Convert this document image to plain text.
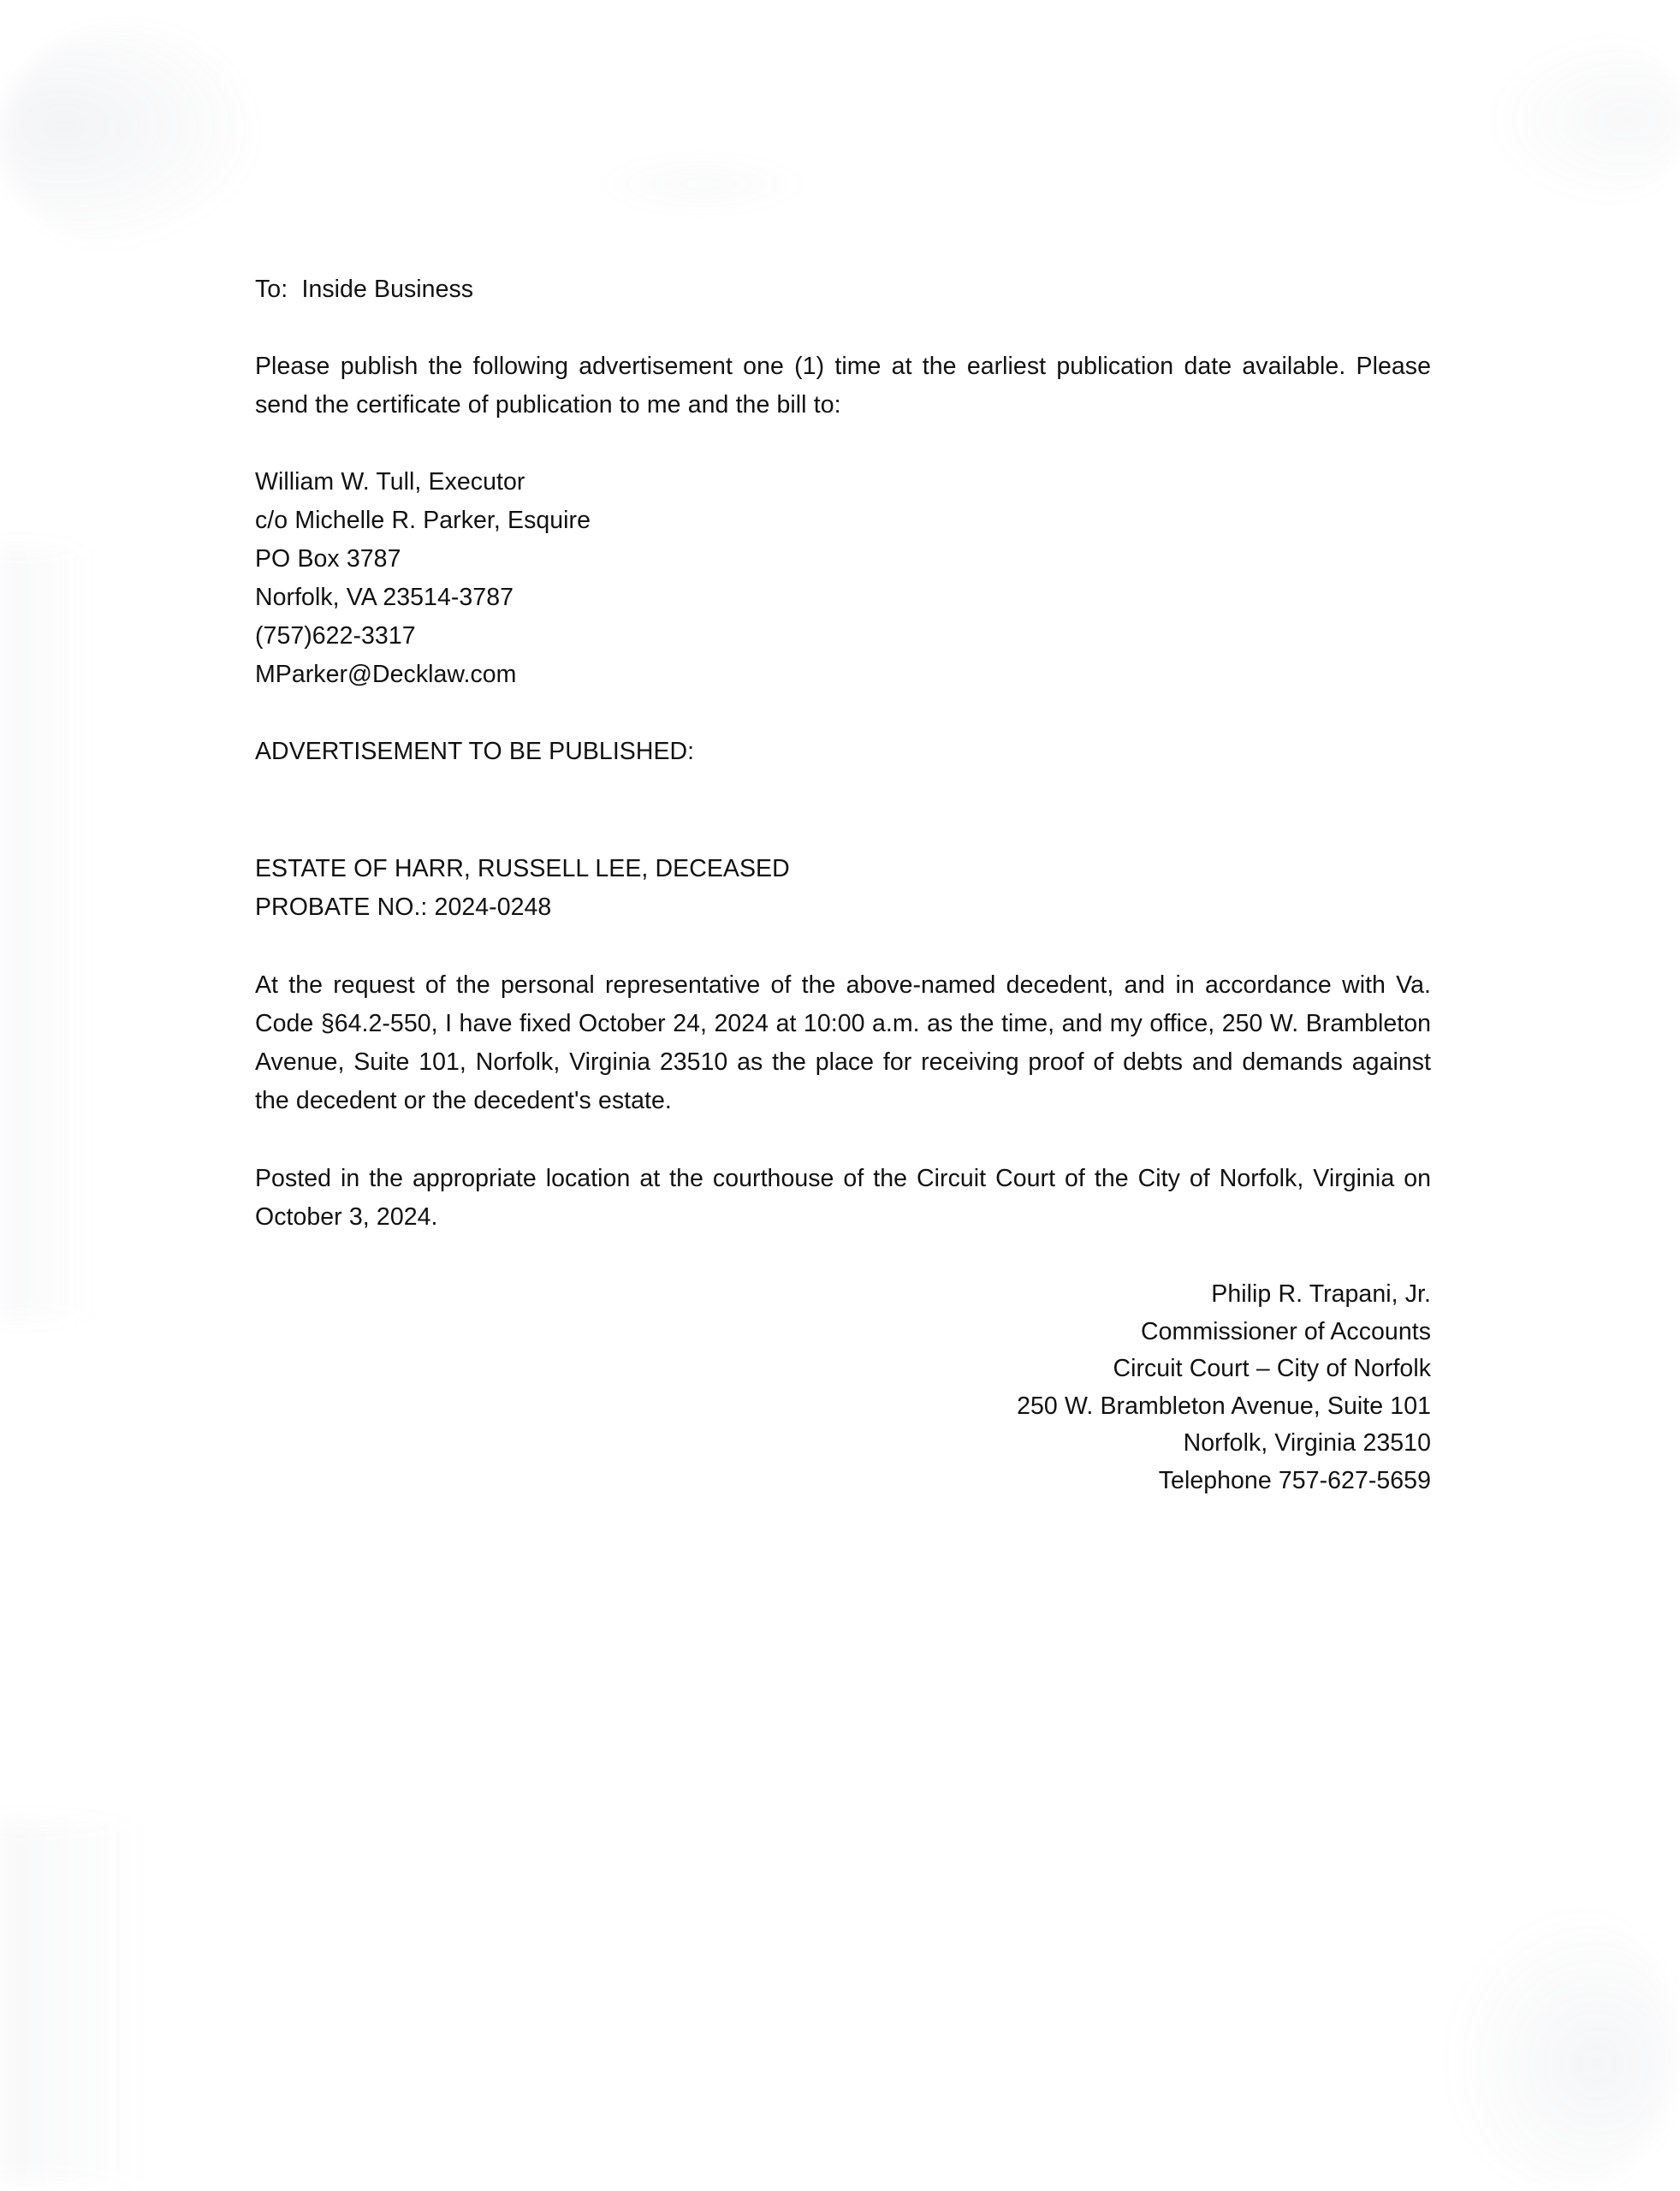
To:  Inside Business

Please publish the following advertisement one (1) time at the earliest publication date available. Please send the certificate of publication to me and the bill to:

William W. Tull, Executor
c/o Michelle R. Parker, Esquire
PO Box 3787
Norfolk, VA 23514-3787
(757)622-3317
MParker@Decklaw.com
ADVERTISEMENT TO BE PUBLISHED:
ESTATE OF HARR, RUSSELL LEE, DECEASED
PROBATE NO.: 2024-0248

At the request of the personal representative of the above-named decedent, and in accordance with Va. Code §64.2-550, I have fixed October 24, 2024 at 10:00 a.m. as the time, and my office, 250 W. Brambleton Avenue, Suite 101, Norfolk, Virginia 23510 as the place for receiving proof of debts and demands against the decedent or the decedent's estate.

Posted in the appropriate location at the courthouse of the Circuit Court of the City of Norfolk, Virginia on October 3, 2024.

Philip R. Trapani, Jr.
Commissioner of Accounts
Circuit Court – City of Norfolk
250 W. Brambleton Avenue, Suite 101
Norfolk, Virginia 23510
Telephone 757-627-5659
